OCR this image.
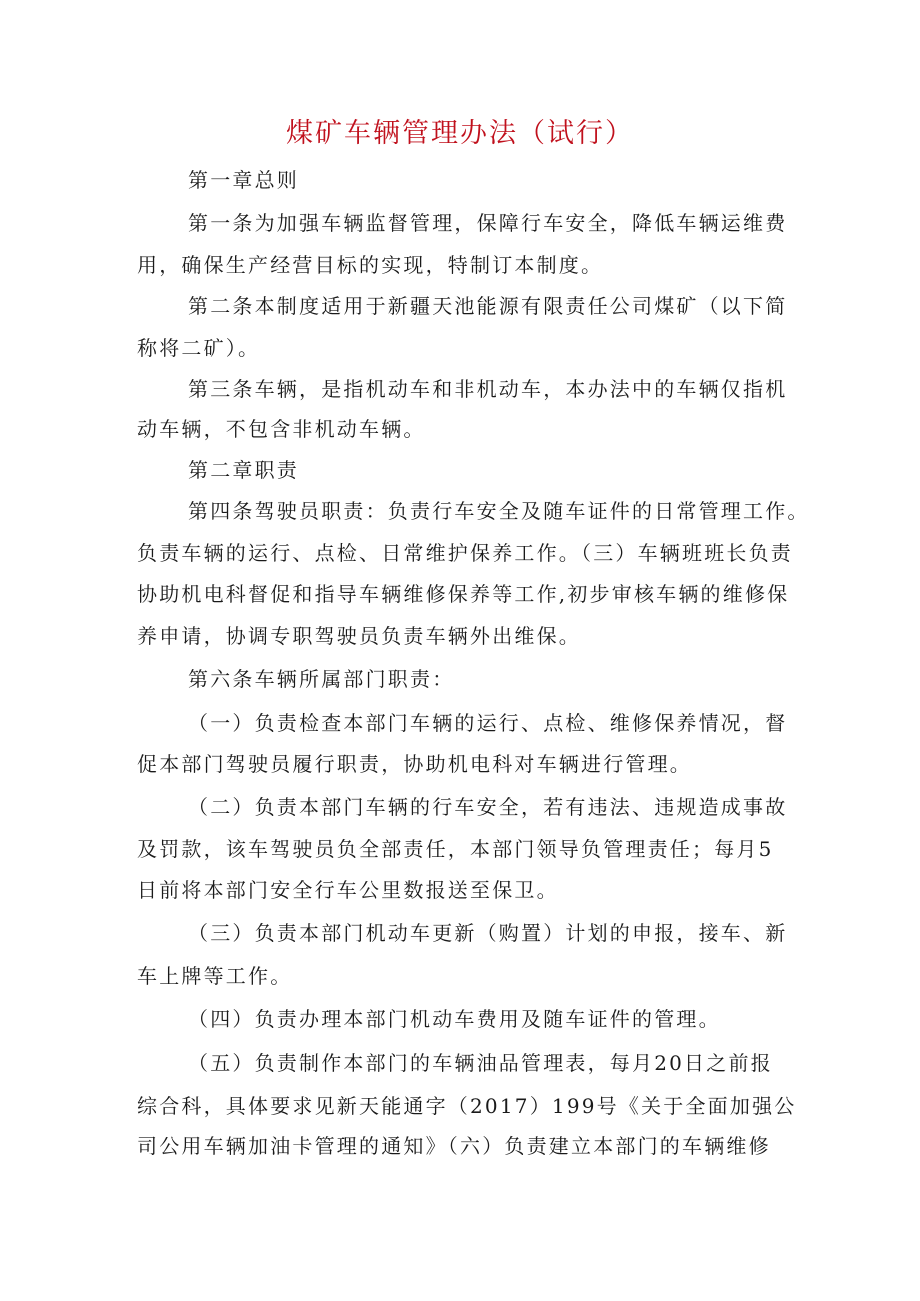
煤矿车辆管理办法（试行）

第一章总则

第一条为加强车辆监督管理，保障行车安全，降低车辆运维费

用，确保生产经营目标的实现，特制订本制度。

第二条本制度适用于新疆天池能源有限责任公司煤矿（以下简

称将二矿）。

第三条车辆，是指机动车和非机动车，本办法中的车辆仅指机

动车辆，不包含非机动车辆。

第二章职责

第四条驾驶员职责：负责行车安全及随车证件的日常管理工作。

负责车辆的运行、点检、日常维护保养工作。（三）车辆班班长负责

协助机电科督促和指导车辆维修保养等工作,初步审核车辆的维修保

养申请，协调专职驾驶员负责车辆外出维保。

第六条车辆所属部门职责：

（一）负责检查本部门车辆的运行、点检、维修保养情况，督

促本部门驾驶员履行职责，协助机电科对车辆进行管理。

（二）负责本部门车辆的行车安全，若有违法、违规造成事故

及罚款，该车驾驶员负全部责任，本部门领导负管理责任；每月5

日前将本部门安全行车公里数报送至保卫。

（三）负责本部门机动车更新（购置）计划的申报，接车、新

车上牌等工作。

（四）负责办理本部门机动车费用及随车证件的管理。

（五）负责制作本部门的车辆油品管理表，每月20日之前报

综合科，具体要求见新天能通字（2017）199号《关于全面加强公

司公用车辆加油卡管理的通知》（六）负责建立本部门的车辆维修
